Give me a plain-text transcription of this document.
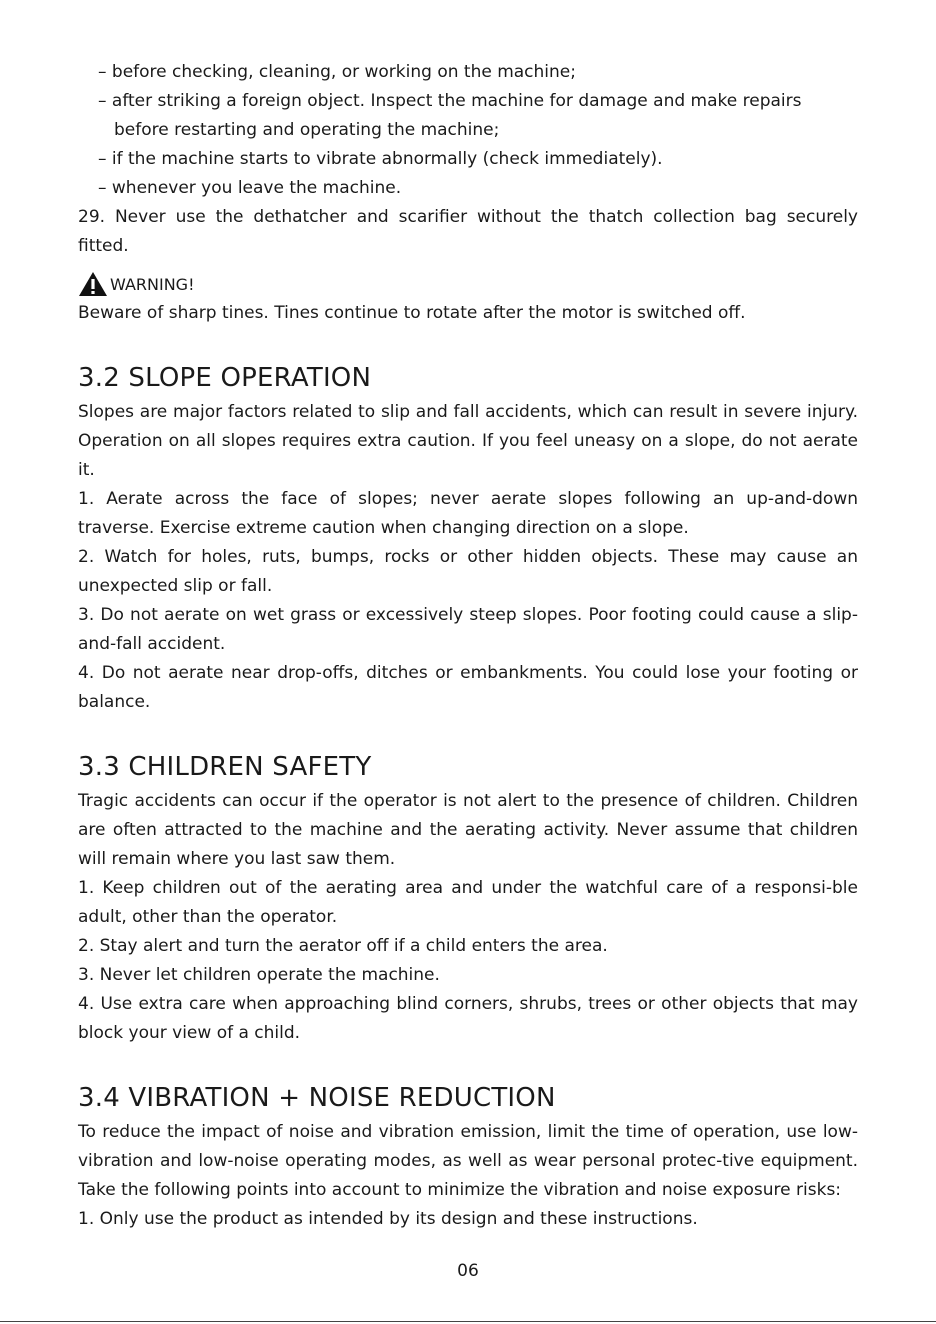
– before checking, cleaning, or working on the machine;

– after striking a foreign object. Inspect the machine for damage and make repairs before restarting and operating the machine;

– if the machine starts to vibrate abnormally (check immediately).

– whenever you leave the machine.

29. Never use the dethatcher and scarifier without the thatch collection bag securely fitted.

WARNING!

Beware of sharp tines. Tines continue to rotate after the motor is switched off.

3.2 SLOPE OPERATION

Slopes are major factors related to slip and fall accidents, which can result in severe injury. Operation on all slopes requires extra caution. If you feel uneasy on a slope, do not aerate it.

1. Aerate across the face of slopes; never aerate slopes following an up-and-down traverse. Exercise extreme caution when changing direction on a slope.

2. Watch for holes, ruts, bumps, rocks or other hidden objects. These may cause an unexpected slip or fall.

3. Do not aerate on wet grass or excessively steep slopes. Poor footing could cause a slip-and-fall accident.

4. Do not aerate near drop-offs, ditches or embankments. You could lose your footing or balance.

3.3 CHILDREN SAFETY

Tragic accidents can occur if the operator is not alert to the presence of children. Children are often attracted to the machine and the aerating activity. Never assume that children will remain where you last saw them.

1. Keep children out of the aerating area and under the watchful care of a responsi-ble adult, other than the operator.

2. Stay alert and turn the aerator off if a child enters the area.

3. Never let children operate the machine.

4. Use extra care when approaching blind corners, shrubs, trees or other objects that may block your view of a child.

3.4 VIBRATION + NOISE REDUCTION

To reduce the impact of noise and vibration emission, limit the time of operation, use low-vibration and low-noise operating modes, as well as wear personal protec-tive equipment. Take the following points into account to minimize the vibration and noise exposure risks:

1. Only use the product as intended by its design and these instructions.

06
